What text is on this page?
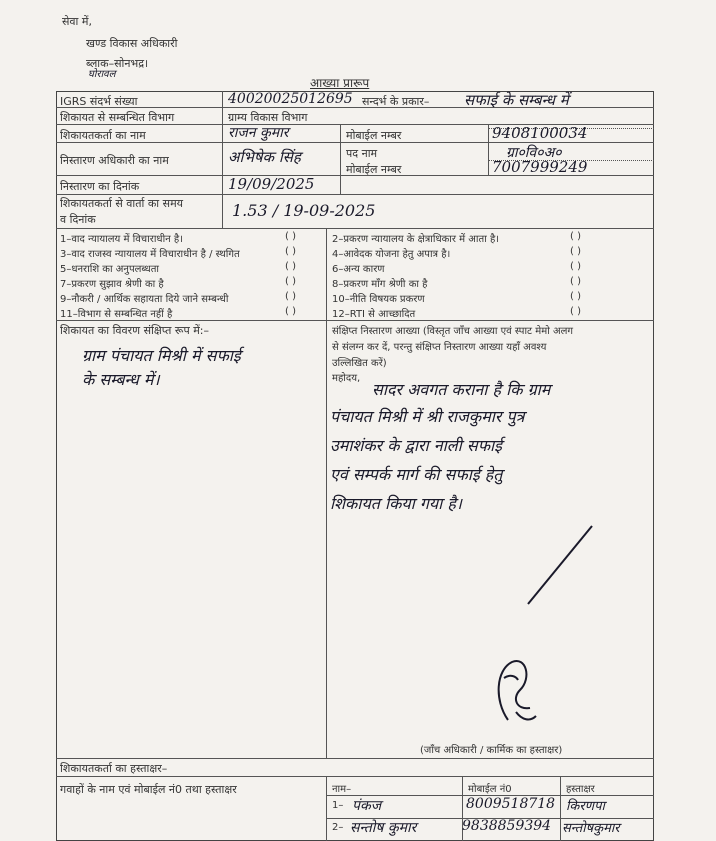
सेवा में,
खण्ड विकास अधिकारी
ब्लाक–सोनभद्र।
घोरावल
आख्या प्रारूप
IGRS संदर्भ संख्या	40020025012695 सन्दर्भ के प्रकार– सफाई के सम्बन्ध में
शिकायत से सम्बन्धित विभाग	ग्राम्य विकास विभाग
शिकायतकर्ता का नाम	राजन कुमार	मोबाईल नम्बर	9408100034
निस्तारण अधिकारी का नाम	अभिषेक सिंह	पद नाम	ग्रा०वि०अ०
मोबाईल नम्बर	7007999249
निस्तारण का दिनांक	19/09/2025
शिकायतकर्ता से वार्ता का समय
व दिनांक	1.53 / 19-09-2025
1–वाद न्यायालय में विचाराधीन है।	( )
3–वाद राजस्व न्यायालय में विचाराधीन है / स्थगित	( )
5–धनराशि का अनुपलब्धता	( )
7–प्रकरण सुझाव श्रेणी का है	( )
9–नौकरी / आर्थिक सहायता दिये जाने सम्बन्धी	( )
11–विभाग से सम्बन्धित नहीं है	( )
2–प्रकरण न्यायालय के क्षेत्राधिकार में आता है।	( )
4–आवेदक योजना हेतु अपात्र है।	( )
6–अन्य कारण	( )
8–प्रकरण माँग श्रेणी का है	( )
10–नीति विषयक प्रकरण	( )
12–RTI से आच्छादित	( )
शिकायत का विवरण संक्षिप्त रूप में:–
ग्राम पंचायत मिश्री में सफाई
के सम्बन्ध में।
संक्षिप्त निस्तारण आख्या (विस्तृत जाँच आख्या एवं स्पाट मेमो अलग
से संलग्न कर दें, परन्तु संक्षिप्त निस्तारण आख्या यहाँ अवश्य
उल्लिखित करें)
महोदय,
सादर अवगत कराना है कि ग्राम
पंचायत मिश्री में श्री राजकुमार पुत्र
उमाशंकर के द्वारा नाली सफाई
एवं सम्पर्क मार्ग की सफाई हेतु
शिकायत किया गया है।
(जाँच अधिकारी / कार्मिक का हस्ताक्षर)
शिकायतकर्ता का हस्ताक्षर–
गवाहों के नाम एवं मोबाईल नं0 तथा हस्ताक्षर	नाम–	मोबाईल नं0	हस्ताक्षर
1– पंकज	8009518718 किरणपा
2– सन्तोष कुमार	9838859394 सन्तोषकुमार
